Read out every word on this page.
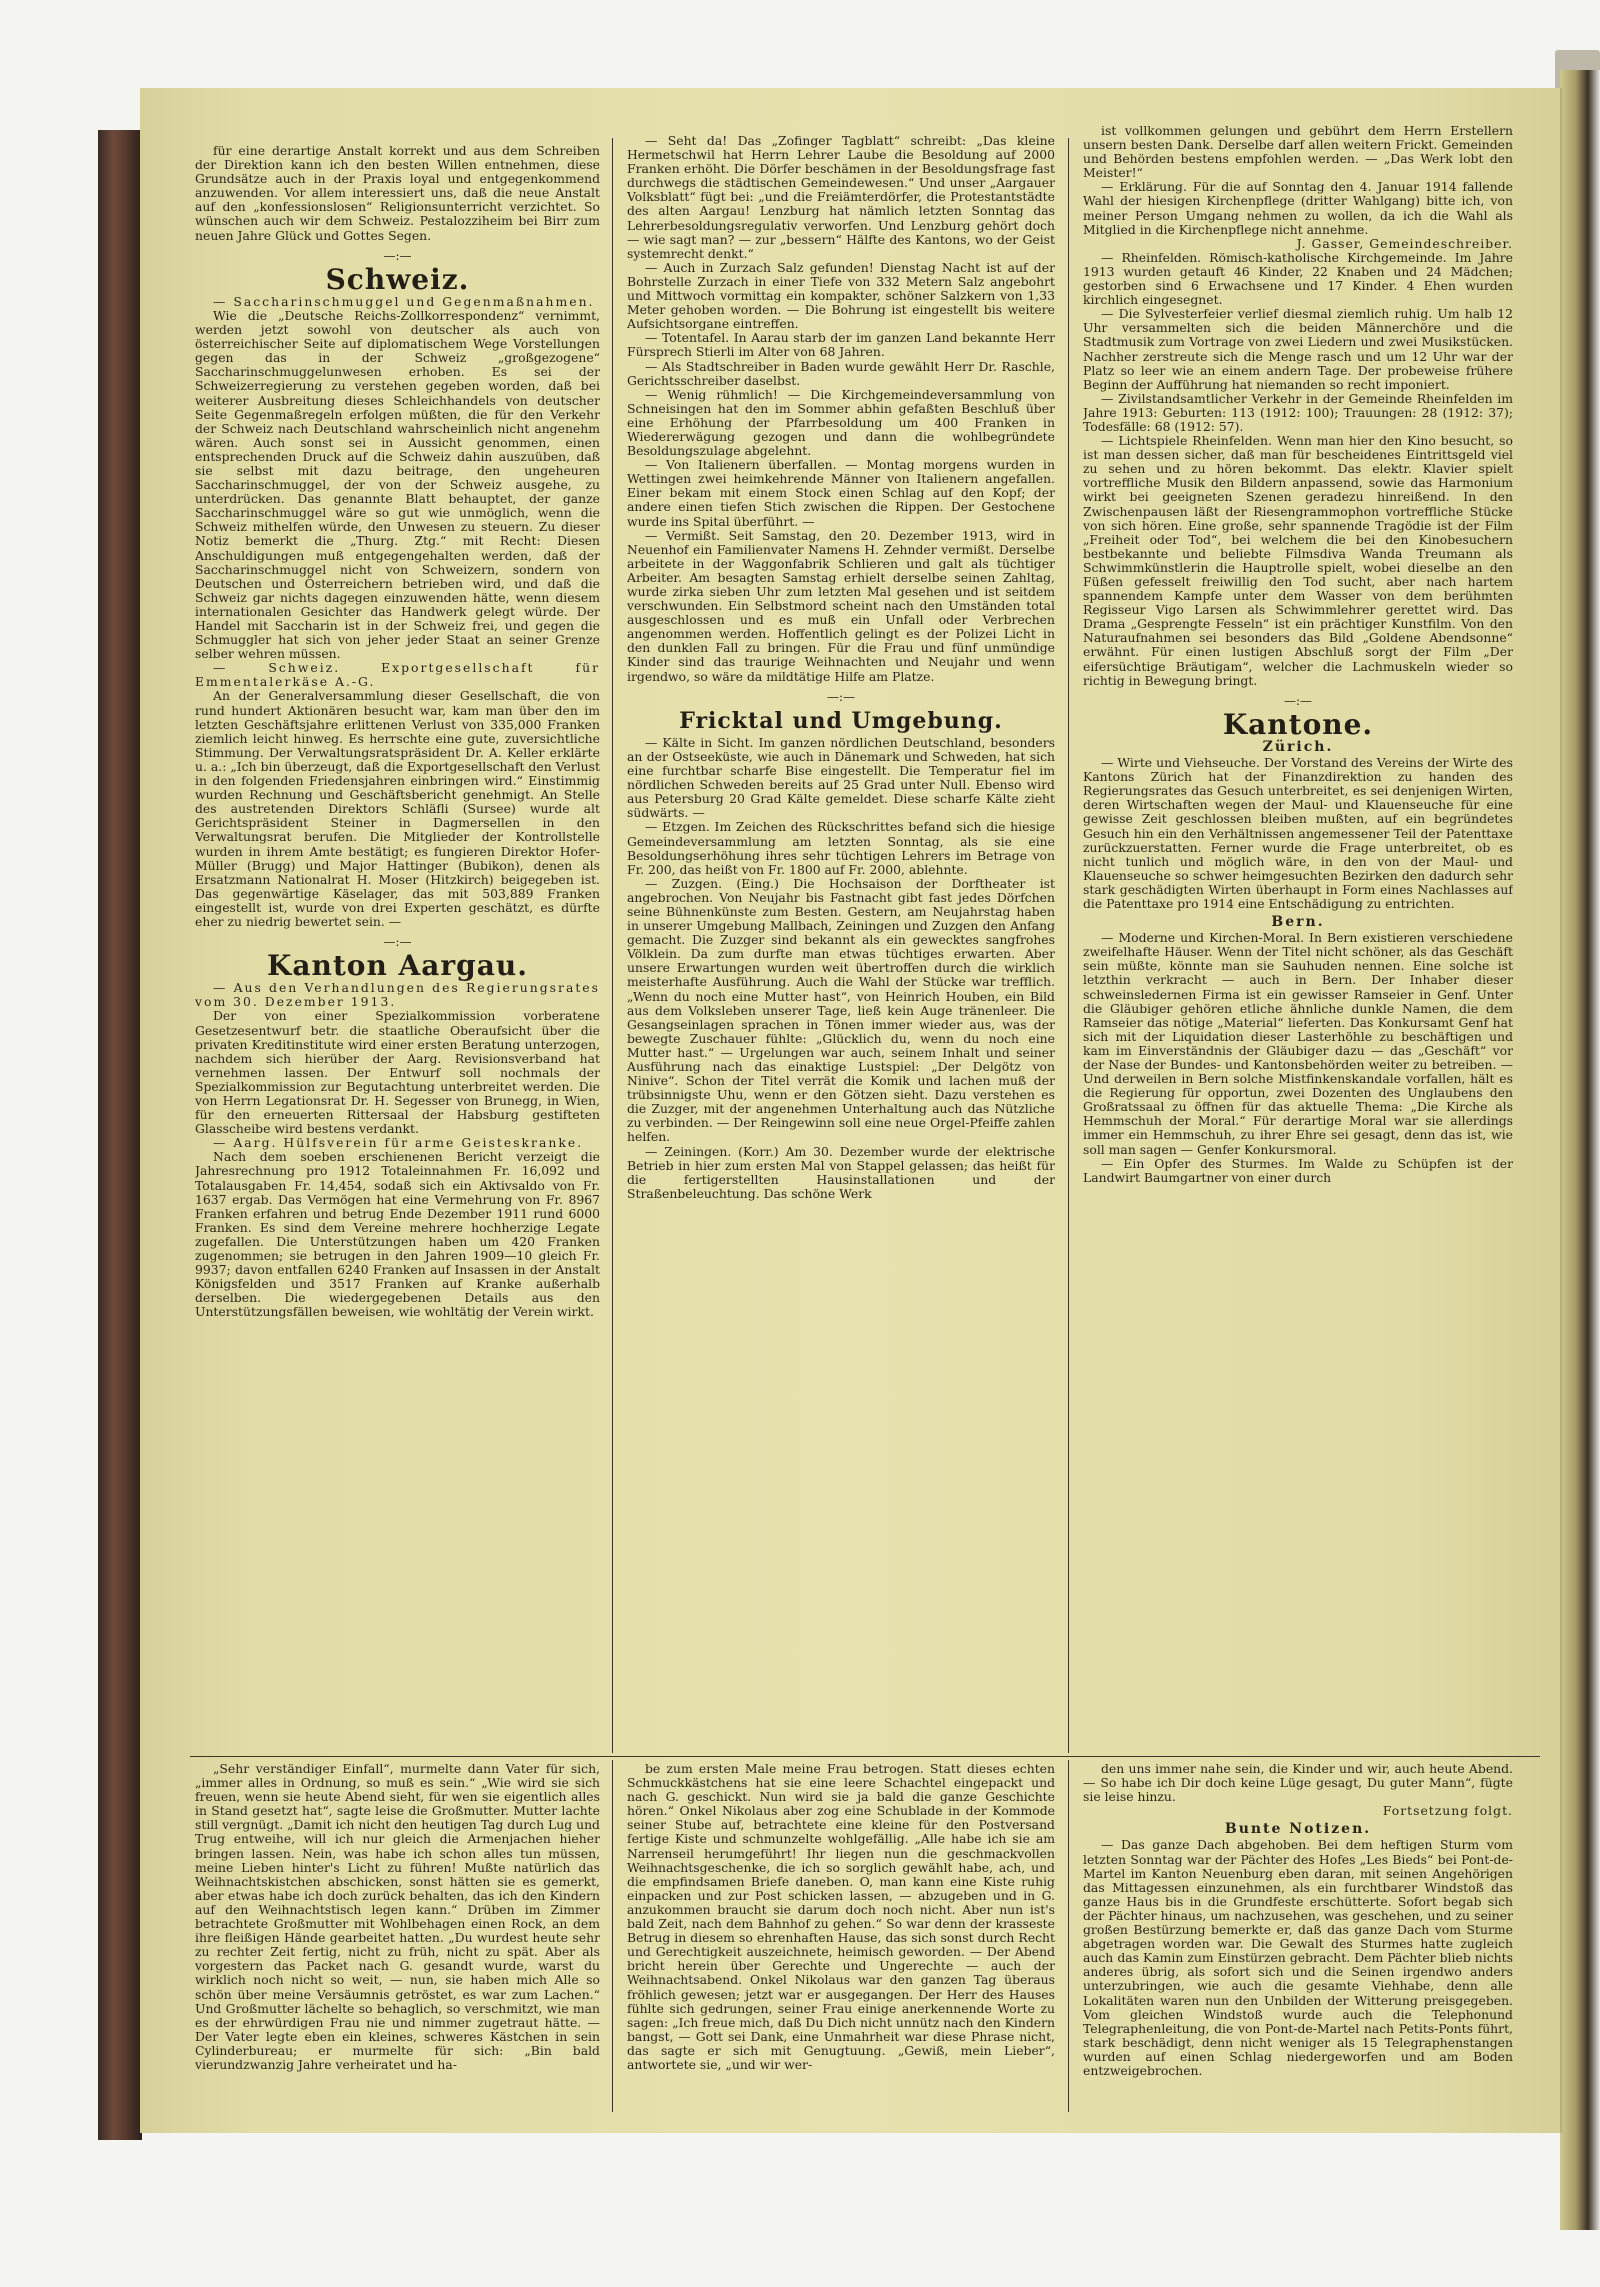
für eine derartige Anstalt korrekt und aus dem Schreiben der Direktion kann ich den besten Willen entnehmen, diese Grundsätze auch in der Praxis loyal und entgegenkommend anzuwenden. Vor allem interessiert uns, daß die neue Anstalt auf den „konfessionslosen“ Religionsunterricht verzichtet. So wünschen auch wir dem Schweiz. Pestalozziheim bei Birr zum neuen Jahre Glück und Gottes Segen.

—:—
Schweiz.

— Saccharinschmuggel und Gegenmaßnahmen.

Wie die „Deutsche Reichs-Zollkorrespondenz“ vernimmt, werden jetzt sowohl von deutscher als auch von österreichischer Seite auf diplomatischem Wege Vorstellungen gegen das in der Schweiz „großgezogene“ Saccharinschmuggelunwesen erhoben. Es sei der Schweizerregierung zu verstehen gegeben worden, daß bei weiterer Ausbreitung dieses Schleichhandels von deutscher Seite Gegenmaßregeln erfolgen müßten, die für den Verkehr der Schweiz nach Deutschland wahrscheinlich nicht angenehm wären. Auch sonst sei in Aussicht genommen, einen entsprechenden Druck auf die Schweiz dahin auszuüben, daß sie selbst mit dazu beitrage, den ungeheuren Saccharinschmuggel, der von der Schweiz ausgehe, zu unterdrücken. Das genannte Blatt behauptet, der ganze Saccharinschmuggel wäre so gut wie unmöglich, wenn die Schweiz mithelfen würde, den Unwesen zu steuern. Zu dieser Notiz bemerkt die „Thurg. Ztg.“ mit Recht: Diesen Anschuldigungen muß entgegengehalten werden, daß der Saccharinschmuggel nicht von Schweizern, sondern von Deutschen und Österreichern betrieben wird, und daß die Schweiz gar nichts dagegen einzuwenden hätte, wenn diesem internationalen Gesichter das Handwerk gelegt würde. Der Handel mit Saccharin ist in der Schweiz frei, und gegen die Schmuggler hat sich von jeher jeder Staat an seiner Grenze selber wehren müssen.

— Schweiz. Exportgesellschaft für Emmentalerkäse A.-G.

An der Generalversammlung dieser Gesellschaft, die von rund hundert Aktionären besucht war, kam man über den im letzten Geschäftsjahre erlittenen Verlust von 335,000 Franken ziemlich leicht hinweg. Es herrschte eine gute, zuversichtliche Stimmung. Der Verwaltungsratspräsident Dr. A. Keller erklärte u. a.: „Ich bin überzeugt, daß die Exportgesellschaft den Verlust in den folgenden Friedensjahren einbringen wird.“ Einstimmig wurden Rechnung und Geschäftsbericht genehmigt. An Stelle des austretenden Direktors Schläfli (Sursee) wurde alt Gerichtspräsident Steiner in Dagmersellen in den Verwaltungsrat berufen. Die Mitglieder der Kontrollstelle wurden in ihrem Amte bestätigt; es fungieren Direktor Hofer-Müller (Brugg) und Major Hattinger (Bubikon), denen als Ersatzmann Nationalrat H. Moser (Hitzkirch) beigegeben ist. Das gegenwärtige Käselager, das mit 503,889 Franken eingestellt ist, wurde von drei Experten geschätzt, es dürfte eher zu niedrig bewertet sein. —

—:—
Kanton Aargau.

— Aus den Verhandlungen des Regierungsrates vom 30. Dezember 1913.

Der von einer Spezialkommission vorberatene Gesetzesentwurf betr. die staatliche Oberaufsicht über die privaten Kreditinstitute wird einer ersten Beratung unterzogen, nachdem sich hierüber der Aarg. Revisionsverband hat vernehmen lassen. Der Entwurf soll nochmals der Spezialkommission zur Begutachtung unterbreitet werden. Die von Herrn Legationsrat Dr. H. Segesser von Brunegg, in Wien, für den erneuerten Rittersaal der Habsburg gestifteten Glasscheibe wird bestens verdankt.

— Aarg. Hülfsverein für arme Geisteskranke.

Nach dem soeben erschienenen Bericht verzeigt die Jahresrechnung pro 1912 Totaleinnahmen Fr. 16,092 und Totalausgaben Fr. 14,454, sodaß sich ein Aktivsaldo von Fr. 1637 ergab. Das Vermögen hat eine Vermehrung von Fr. 8967 Franken erfahren und betrug Ende Dezember 1911 rund 6000 Franken. Es sind dem Vereine mehrere hochherzige Legate zugefallen. Die Unterstützungen haben um 420 Franken zugenommen; sie betrugen in den Jahren 1909—10 gleich Fr. 9937; davon entfallen 6240 Franken auf Insassen in der Anstalt Königsfelden und 3517 Franken auf Kranke außerhalb derselben. Die wiedergegebenen Details aus den Unterstützungsfällen beweisen, wie wohltätig der Verein wirkt.

— Seht da! Das „Zofinger Tagblatt“ schreibt: „Das kleine Hermetschwil hat Herrn Lehrer Laube die Besoldung auf 2000 Franken erhöht. Die Dörfer beschämen in der Besoldungsfrage fast durchwegs die städtischen Gemeindewesen.“ Und unser „Aargauer Volksblatt“ fügt bei: „und die Freiämterdörfer, die Protestantstädte des alten Aargau! Lenzburg hat nämlich letzten Sonntag das Lehrerbesoldungsregulativ verworfen. Und Lenzburg gehört doch — wie sagt man? — zur „bessern“ Hälfte des Kantons, wo der Geist systemrecht denkt.“

— Auch in Zurzach Salz gefunden! Dienstag Nacht ist auf der Bohrstelle Zurzach in einer Tiefe von 332 Metern Salz angebohrt und Mittwoch vormittag ein kompakter, schöner Salzkern von 1,33 Meter gehoben worden. — Die Bohrung ist eingestellt bis weitere Aufsichtsorgane eintreffen.

— Totentafel. In Aarau starb der im ganzen Land bekannte Herr Fürsprech Stierli im Alter von 68 Jahren.

— Als Stadtschreiber in Baden wurde gewählt Herr Dr. Raschle, Gerichtsschreiber daselbst.

— Wenig rühmlich! — Die Kirchgemeindeversammlung von Schneisingen hat den im Sommer abhin gefaßten Beschluß über eine Erhöhung der Pfarrbesoldung um 400 Franken in Wiedererwägung gezogen und dann die wohlbegründete Besoldungszulage abgelehnt.

— Von Italienern überfallen. — Montag morgens wurden in Wettingen zwei heimkehrende Männer von Italienern angefallen. Einer bekam mit einem Stock einen Schlag auf den Kopf; der andere einen tiefen Stich zwischen die Rippen. Der Gestochene wurde ins Spital überführt. —

— Vermißt. Seit Samstag, den 20. Dezember 1913, wird in Neuenhof ein Familienvater Namens H. Zehnder vermißt. Derselbe arbeitete in der Waggonfabrik Schlieren und galt als tüchtiger Arbeiter. Am besagten Samstag erhielt derselbe seinen Zahltag, wurde zirka sieben Uhr zum letzten Mal gesehen und ist seitdem verschwunden. Ein Selbstmord scheint nach den Umständen total ausgeschlossen und es muß ein Unfall oder Verbrechen angenommen werden. Hoffentlich gelingt es der Polizei Licht in den dunklen Fall zu bringen. Für die Frau und fünf unmündige Kinder sind das traurige Weihnachten und Neujahr und wenn irgendwo, so wäre da mildtätige Hilfe am Platze.

—:—
Fricktal und Umgebung.

— Kälte in Sicht. Im ganzen nördlichen Deutschland, besonders an der Ostseeküste, wie auch in Dänemark und Schweden, hat sich eine furchtbar scharfe Bise eingestellt. Die Temperatur fiel im nördlichen Schweden bereits auf 25 Grad unter Null. Ebenso wird aus Petersburg 20 Grad Kälte gemeldet. Diese scharfe Kälte zieht südwärts. —

— Etzgen. Im Zeichen des Rückschrittes befand sich die hiesige Gemeindeversammlung am letzten Sonntag, als sie eine Besoldungserhöhung ihres sehr tüchtigen Lehrers im Betrage von Fr. 200, das heißt von Fr. 1800 auf Fr. 2000, ablehnte.

— Zuzgen. (Eing.) Die Hochsaison der Dorftheater ist angebrochen. Von Neujahr bis Fastnacht gibt fast jedes Dörfchen seine Bühnenkünste zum Besten. Gestern, am Neujahrstag haben in unserer Umgebung Mallbach, Zeiningen und Zuzgen den Anfang gemacht. Die Zuzger sind bekannt als ein gewecktes sangfrohes Völklein. Da zum durfte man etwas tüchtiges erwarten. Aber unsere Erwartungen wurden weit übertroffen durch die wirklich meisterhafte Ausführung. Auch die Wahl der Stücke war trefflich. „Wenn du noch eine Mutter hast“, von Heinrich Houben, ein Bild aus dem Volksleben unserer Tage, ließ kein Auge tränenleer. Die Gesangseinlagen sprachen in Tönen immer wieder aus, was der bewegte Zuschauer fühlte: „Glücklich du, wenn du noch eine Mutter hast.“ — Urgelungen war auch, seinem Inhalt und seiner Ausführung nach das einaktige Lustspiel: „Der Delgötz von Ninive“. Schon der Titel verrät die Komik und lachen muß der trübsinnigste Uhu, wenn er den Götzen sieht. Dazu verstehen es die Zuzger, mit der angenehmen Unterhaltung auch das Nützliche zu verbinden. — Der Reingewinn soll eine neue Orgel-Pfeiffe zahlen helfen.

— Zeiningen. (Korr.) Am 30. Dezember wurde der elektrische Betrieb in hier zum ersten Mal von Stappel gelassen; das heißt für die fertigerstellten Hausinstallationen und der Straßenbeleuchtung. Das schöne Werk

ist vollkommen gelungen und gebührt dem Herrn Erstellern unsern besten Dank. Derselbe darf allen weitern Frickt. Gemeinden und Behörden bestens empfohlen werden. — „Das Werk lobt den Meister!“

— Erklärung. Für die auf Sonntag den 4. Januar 1914 fallende Wahl der hiesigen Kirchenpflege (dritter Wahlgang) bitte ich, von meiner Person Umgang nehmen zu wollen, da ich die Wahl als Mitglied in die Kirchenpflege nicht annehme.

J. Gasser, Gemeindeschreiber.

— Rheinfelden. Römisch-katholische Kirchgemeinde. Im Jahre 1913 wurden getauft 46 Kinder, 22 Knaben und 24 Mädchen; gestorben sind 6 Erwachsene und 17 Kinder. 4 Ehen wurden kirchlich eingesegnet.

— Die Sylvesterfeier verlief diesmal ziemlich ruhig. Um halb 12 Uhr versammelten sich die beiden Männerchöre und die Stadtmusik zum Vortrage von zwei Liedern und zwei Musikstücken. Nachher zerstreute sich die Menge rasch und um 12 Uhr war der Platz so leer wie an einem andern Tage. Der probeweise frühere Beginn der Aufführung hat niemanden so recht imponiert.

— Zivilstandsamtlicher Verkehr in der Gemeinde Rheinfelden im Jahre 1913: Geburten: 113 (1912: 100); Trauungen: 28 (1912: 37); Todesfälle: 68 (1912: 57).

— Lichtspiele Rheinfelden. Wenn man hier den Kino besucht, so ist man dessen sicher, daß man für bescheidenes Eintrittsgeld viel zu sehen und zu hören bekommt. Das elektr. Klavier spielt vortreffliche Musik den Bildern anpassend, sowie das Harmonium wirkt bei geeigneten Szenen geradezu hinreißend. In den Zwischenpausen läßt der Riesengrammophon vortreffliche Stücke von sich hören. Eine große, sehr spannende Tragödie ist der Film „Freiheit oder Tod“, bei welchem die bei den Kinobesuchern bestbekannte und beliebte Filmsdiva Wanda Treumann als Schwimmkünstlerin die Hauptrolle spielt, wobei dieselbe an den Füßen gefesselt freiwillig den Tod sucht, aber nach hartem spannendem Kampfe unter dem Wasser von dem berühmten Regisseur Vigo Larsen als Schwimmlehrer gerettet wird. Das Drama „Gesprengte Fesseln“ ist ein prächtiger Kunstfilm. Von den Naturaufnahmen sei besonders das Bild „Goldene Abendsonne“ erwähnt. Für einen lustigen Abschluß sorgt der Film „Der eifersüchtige Bräutigam“, welcher die Lachmuskeln wieder so richtig in Bewegung bringt.

—:—
Kantone.
Zürich.

— Wirte und Viehseuche. Der Vorstand des Vereins der Wirte des Kantons Zürich hat der Finanzdirektion zu handen des Regierungsrates das Gesuch unterbreitet, es sei denjenigen Wirten, deren Wirtschaften wegen der Maul- und Klauenseuche für eine gewisse Zeit geschlossen bleiben mußten, auf ein begründetes Gesuch hin ein den Verhältnissen angemessener Teil der Patenttaxe zurückzuerstatten. Ferner wurde die Frage unterbreitet, ob es nicht tunlich und möglich wäre, in den von der Maul- und Klauenseuche so schwer heimgesuchten Bezirken den dadurch sehr stark geschädigten Wirten überhaupt in Form eines Nachlasses auf die Patenttaxe pro 1914 eine Entschädigung zu entrichten.

Bern.

— Moderne und Kirchen-Moral. In Bern existieren verschiedene zweifelhafte Häuser. Wenn der Titel nicht schöner, als das Geschäft sein müßte, könnte man sie Sauhuden nennen. Eine solche ist letzthin verkracht — auch in Bern. Der Inhaber dieser schweinsledernen Firma ist ein gewisser Ramseier in Genf. Unter die Gläubiger gehören etliche ähnliche dunkle Namen, die dem Ramseier das nötige „Material“ lieferten. Das Konkursamt Genf hat sich mit der Liquidation dieser Lasterhöhle zu beschäftigen und kam im Einverständnis der Gläubiger dazu — das „Geschäft“ vor der Nase der Bundes- und Kantonsbehörden weiter zu betreiben. — Und derweilen in Bern solche Mistfinkenskandale vorfallen, hält es die Regierung für opportun, zwei Dozenten des Unglaubens den Großratssaal zu öffnen für das aktuelle Thema: „Die Kirche als Hemmschuh der Moral.“ Für derartige Moral war sie allerdings immer ein Hemmschuh, zu ihrer Ehre sei gesagt, denn das ist, wie soll man sagen — Genfer Konkursmoral.

— Ein Opfer des Sturmes. Im Walde zu Schüpfen ist der Landwirt Baumgartner von einer durch

„Sehr verständiger Einfall“, murmelte dann Vater für sich, „immer alles in Ordnung, so muß es sein.“ „Wie wird sie sich freuen, wenn sie heute Abend sieht, für wen sie eigentlich alles in Stand gesetzt hat“, sagte leise die Großmutter. Mutter lachte still vergnügt. „Damit ich nicht den heutigen Tag durch Lug und Trug entweihe, will ich nur gleich die Armenjachen hieher bringen lassen. Nein, was habe ich schon alles tun müssen, meine Lieben hinter's Licht zu führen! Mußte natürlich das Weihnachtskistchen abschicken, sonst hätten sie es gemerkt, aber etwas habe ich doch zurück behalten, das ich den Kindern auf den Weihnachtstisch legen kann.“ Drüben im Zimmer betrachtete Großmutter mit Wohlbehagen einen Rock, an dem ihre fleißigen Hände gearbeitet hatten. „Du wurdest heute sehr zu rechter Zeit fertig, nicht zu früh, nicht zu spät. Aber als vorgestern das Packet nach G. gesandt wurde, warst du wirklich noch nicht so weit, — nun, sie haben mich Alle so schön über meine Versäumnis getröstet, es war zum Lachen.“ Und Großmutter lächelte so behaglich, so verschmitzt, wie man es der ehrwürdigen Frau nie und nimmer zugetraut hätte. — Der Vater legte eben ein kleines, schweres Kästchen in sein Cylinderbureau; er murmelte für sich: „Bin bald vierundzwanzig Jahre verheiratet und ha-

be zum ersten Male meine Frau betrogen. Statt dieses echten Schmuckkästchens hat sie eine leere Schachtel eingepackt und nach G. geschickt. Nun wird sie ja bald die ganze Geschichte hören.“ Onkel Nikolaus aber zog eine Schublade in der Kommode seiner Stube auf, betrachtete eine kleine für den Postversand fertige Kiste und schmunzelte wohlgefällig. „Alle habe ich sie am Narrenseil herumgeführt! Ihr liegen nun die geschmackvollen Weihnachtsgeschenke, die ich so sorglich gewählt habe, ach, und die empfindsamen Briefe daneben. O, man kann eine Kiste ruhig einpacken und zur Post schicken lassen, — abzugeben und in G. anzukommen braucht sie darum doch noch nicht. Aber nun ist's bald Zeit, nach dem Bahnhof zu gehen.“ So war denn der krasseste Betrug in diesem so ehrenhaften Hause, das sich sonst durch Recht und Gerechtigkeit auszeichnete, heimisch geworden. — Der Abend bricht herein über Gerechte und Ungerechte — auch der Weihnachtsabend. Onkel Nikolaus war den ganzen Tag überaus fröhlich gewesen; jetzt war er ausgegangen. Der Herr des Hauses fühlte sich gedrungen, seiner Frau einige anerkennende Worte zu sagen: „Ich freue mich, daß Du Dich nicht unnütz nach den Kindern bangst, — Gott sei Dank, eine Unmahrheit war diese Phrase nicht, das sagte er sich mit Genugtuung. „Gewiß, mein Lieber“, antwortete sie, „und wir wer-

den uns immer nahe sein, die Kinder und wir, auch heute Abend. — So habe ich Dir doch keine Lüge gesagt, Du guter Mann“, fügte sie leise hinzu.

Fortsetzung folgt.

Bunte Notizen.

— Das ganze Dach abgehoben. Bei dem heftigen Sturm vom letzten Sonntag war der Pächter des Hofes „Les Bieds“ bei Pont-de-Martel im Kanton Neuenburg eben daran, mit seinen Angehörigen das Mittagessen einzunehmen, als ein furchtbarer Windstoß das ganze Haus bis in die Grundfeste erschütterte. Sofort begab sich der Pächter hinaus, um nachzusehen, was geschehen, und zu seiner großen Bestürzung bemerkte er, daß das ganze Dach vom Sturme abgetragen worden war. Die Gewalt des Sturmes hatte zugleich auch das Kamin zum Einstürzen gebracht. Dem Pächter blieb nichts anderes übrig, als sofort sich und die Seinen irgendwo anders unterzubringen, wie auch die gesamte Viehhabe, denn alle Lokalitäten waren nun den Unbilden der Witterung preisgegeben. Vom gleichen Windstoß wurde auch die Telephonund Telegraphenleitung, die von Pont-de-Martel nach Petits-Ponts führt, stark beschädigt, denn nicht weniger als 15 Telegraphenstangen wurden auf einen Schlag niedergeworfen und am Boden entzweigebrochen.
